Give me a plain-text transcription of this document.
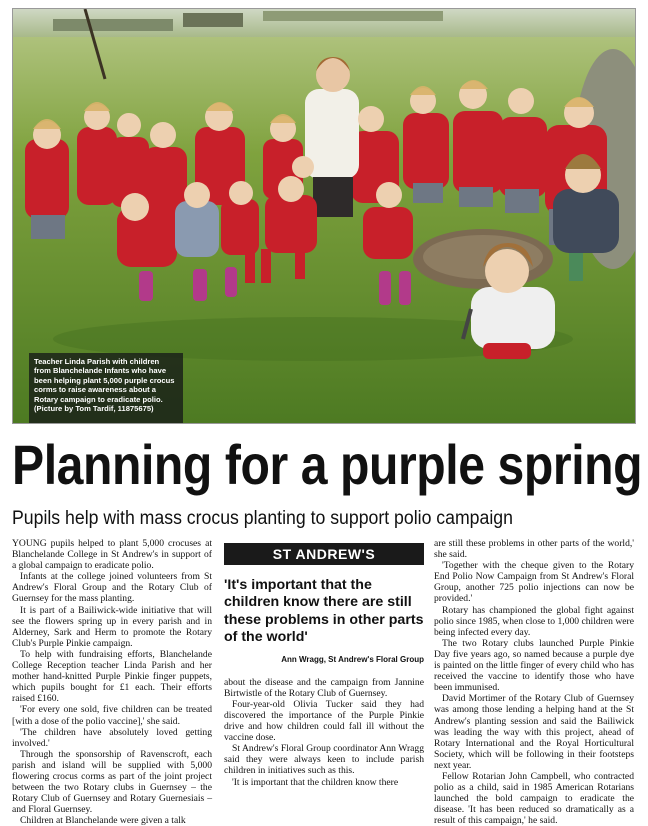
Teacher Linda Parish with children from Blanchelande Infants who have been helping plant 5,000 purple crocus corms to raise awareness about a Rotary campaign to eradicate polio. (Picture by Tom Tardif, 11875675)
Planning for a purple spring
Pupils help with mass crocus planting to support polio campaign

YOUNG pupils helped to plant 5,000 crocuses at Blanchelande College in St Andrew's in support of a global campaign to eradicate polio.

Infants at the college joined volunteers from St Andrew's Floral Group and the Rotary Club of Guernsey for the mass planting.

It is part of a Bailiwick-wide initiative that will see the flowers spring up in every parish and in Alderney, Sark and Herm to promote the Rotary Club's Purple Pinkie campaign.

To help with fundraising efforts, Blanchelande College Reception teacher Linda Parish and her mother hand-knitted Purple Pinkie finger puppets, which pupils bought for £1 each. Their efforts raised £160.

'For every one sold, five children can be treated [with a dose of the polio vaccine],' she said.

'The children have absolutely loved getting involved.'

Through the sponsorship of Ravenscroft, each parish and island will be supplied with 5,000 flowering crocus corms as part of the joint project between the two Rotary clubs in Guernsey – the Rotary Club of Guernsey and Rotary Guernesiais – and Floral Guernsey.

Children at Blanchelande were given a talk

ST ANDREW'S
'It's important that the children know there are still these problems in other parts of the world'
Ann Wragg, St Andrew's Floral Group

about the disease and the campaign from Jannine Birtwistle of the Rotary Club of Guernsey.

Four-year-old Olivia Tucker said they had discovered the importance of the Purple Pinkie drive and how children could fall ill without the vaccine dose.

St Andrew's Floral Group coordinator Ann Wragg said they were always keen to include parish children in initiatives such as this.

'It is important that the children know there

are still these problems in other parts of the world,' she said.

'Together with the cheque given to the Rotary End Polio Now Campaign from St Andrew's Floral Group, another 725 polio injections can now be provided.'

Rotary has championed the global fight against polio since 1985, when close to 1,000 children were being infected every day.

The two Rotary clubs launched Purple Pinkie Day five years ago, so named because a purple dye is painted on the little finger of every child who has received the vaccine to identify those who have been immunised.

David Mortimer of the Rotary Club of Guernsey was among those lending a helping hand at the St Andrew's planting session and said the Bailiwick was leading the way with this project, ahead of Rotary International and the Royal Horticultural Society, which will be following in their footsteps next year.

Fellow Rotarian John Campbell, who contracted polio as a child, said in 1985 American Rotarians launched the bold campaign to eradicate the disease. 'It has been reduced so dramatically as a result of this campaign,' he said.
